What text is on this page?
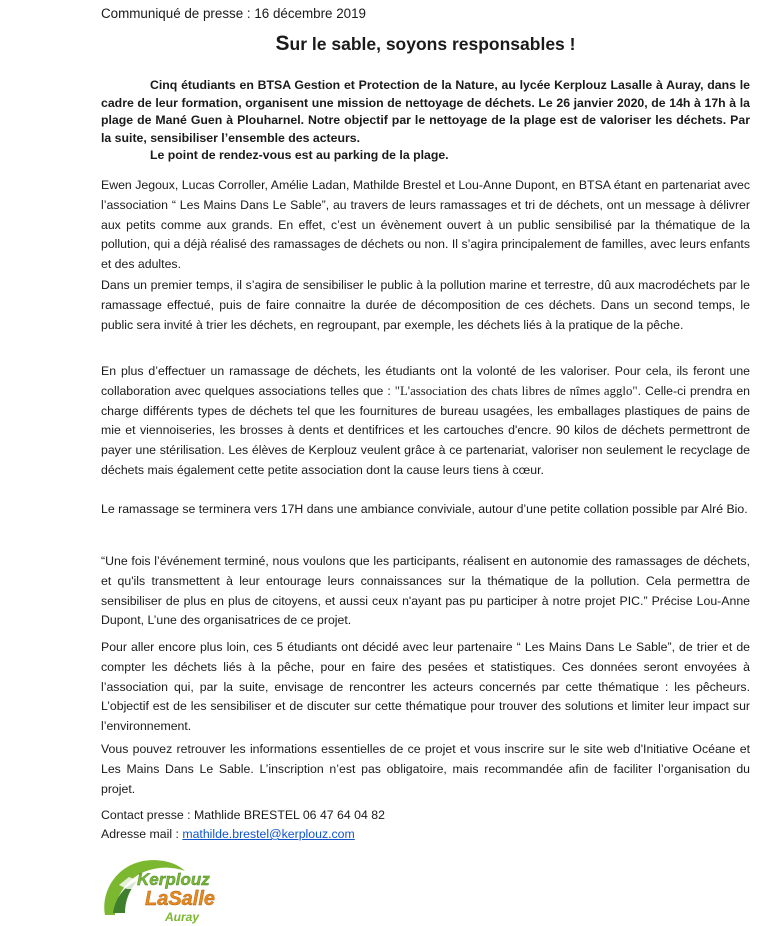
Communiqué de presse : 16 décembre 2019
Sur le sable, soyons responsables !

Cinq étudiants en BTSA Gestion et Protection de la Nature, au lycée Kerplouz Lasalle à Auray, dans le cadre de leur formation, organisent une mission de nettoyage de déchets. Le 26 janvier 2020, de 14h à 17h à la plage de Mané Guen à Plouharnel. Notre objectif par le nettoyage de la plage est de valoriser les déchets. Par la suite, sensibiliser l’ensemble des acteurs.

Le point de rendez-vous est au parking de la plage.

Ewen Jegoux, Lucas Corroller, Amélie Ladan, Mathilde Brestel et Lou-Anne Dupont, en BTSA étant en partenariat avec l’association “ Les Mains Dans Le Sable”, au travers de leurs ramassages et tri de déchets, ont un message à délivrer aux petits comme aux grands. En effet, c’est un évènement ouvert à un public sensibilisé par la thématique de la pollution, qui a déjà réalisé des ramassages de déchets ou non. Il s’agira principalement de familles, avec leurs enfants et des adultes.

Dans un premier temps, il s’agira de sensibiliser le public à la pollution marine et terrestre, dû aux macrodéchets par le ramassage effectué, puis de faire connaitre la durée de décomposition de ces déchets. Dans un second temps, le public sera invité à trier les déchets, en regroupant, par exemple, les déchets liés à la pratique de la pêche.

En plus d’effectuer un ramassage de déchets, les étudiants ont la volonté de les valoriser. Pour cela, ils feront une collaboration avec quelques associations telles que : "L'association des chats libres de nîmes agglo". Celle-ci prendra en charge différents types de déchets tel que les fournitures de bureau usagées, les emballages plastiques de pains de mie et viennoiseries, les brosses à dents et dentifrices et les cartouches d'encre. 90 kilos de déchets permettront de payer une stérilisation. Les élèves de Kerplouz veulent grâce à ce partenariat, valoriser non seulement le recyclage de déchets mais également cette petite association dont la cause leurs tiens à cœur.

Le ramassage se terminera vers 17H dans une ambiance conviviale, autour d’une petite collation possible par Alré Bio.

“Une fois l’événement terminé, nous voulons que les participants, réalisent en autonomie des ramassages de déchets, et qu'ils transmettent à leur entourage leurs connaissances sur la thématique de la pollution. Cela permettra de sensibiliser de plus en plus de citoyens, et aussi ceux n'ayant pas pu participer à notre projet PIC.” Précise Lou-Anne Dupont, L’une des organisatrices de ce projet.

Pour aller encore plus loin, ces 5 étudiants ont décidé avec leur partenaire “ Les Mains Dans Le Sable”, de trier et de compter les déchets liés à la pêche, pour en faire des pesées et statistiques. Ces données seront envoyées à l’association qui, par la suite, envisage de rencontrer les acteurs concernés par cette thématique : les pêcheurs. L’objectif est de les sensibiliser et de discuter sur cette thématique pour trouver des solutions et limiter leur impact sur l’environnement.

Vous pouvez retrouver les informations essentielles de ce projet et vous inscrire sur le site web d'Initiative Océane et Les Mains Dans Le Sable. L’inscription n’est pas obligatoire, mais recommandée afin de faciliter l’organisation du projet.

Contact presse : Mathlide BRESTEL 06 47 64 04 82
Adresse mail : mathilde.brestel@kerplouz.com
Kerplouz
LaSalle
Auray
